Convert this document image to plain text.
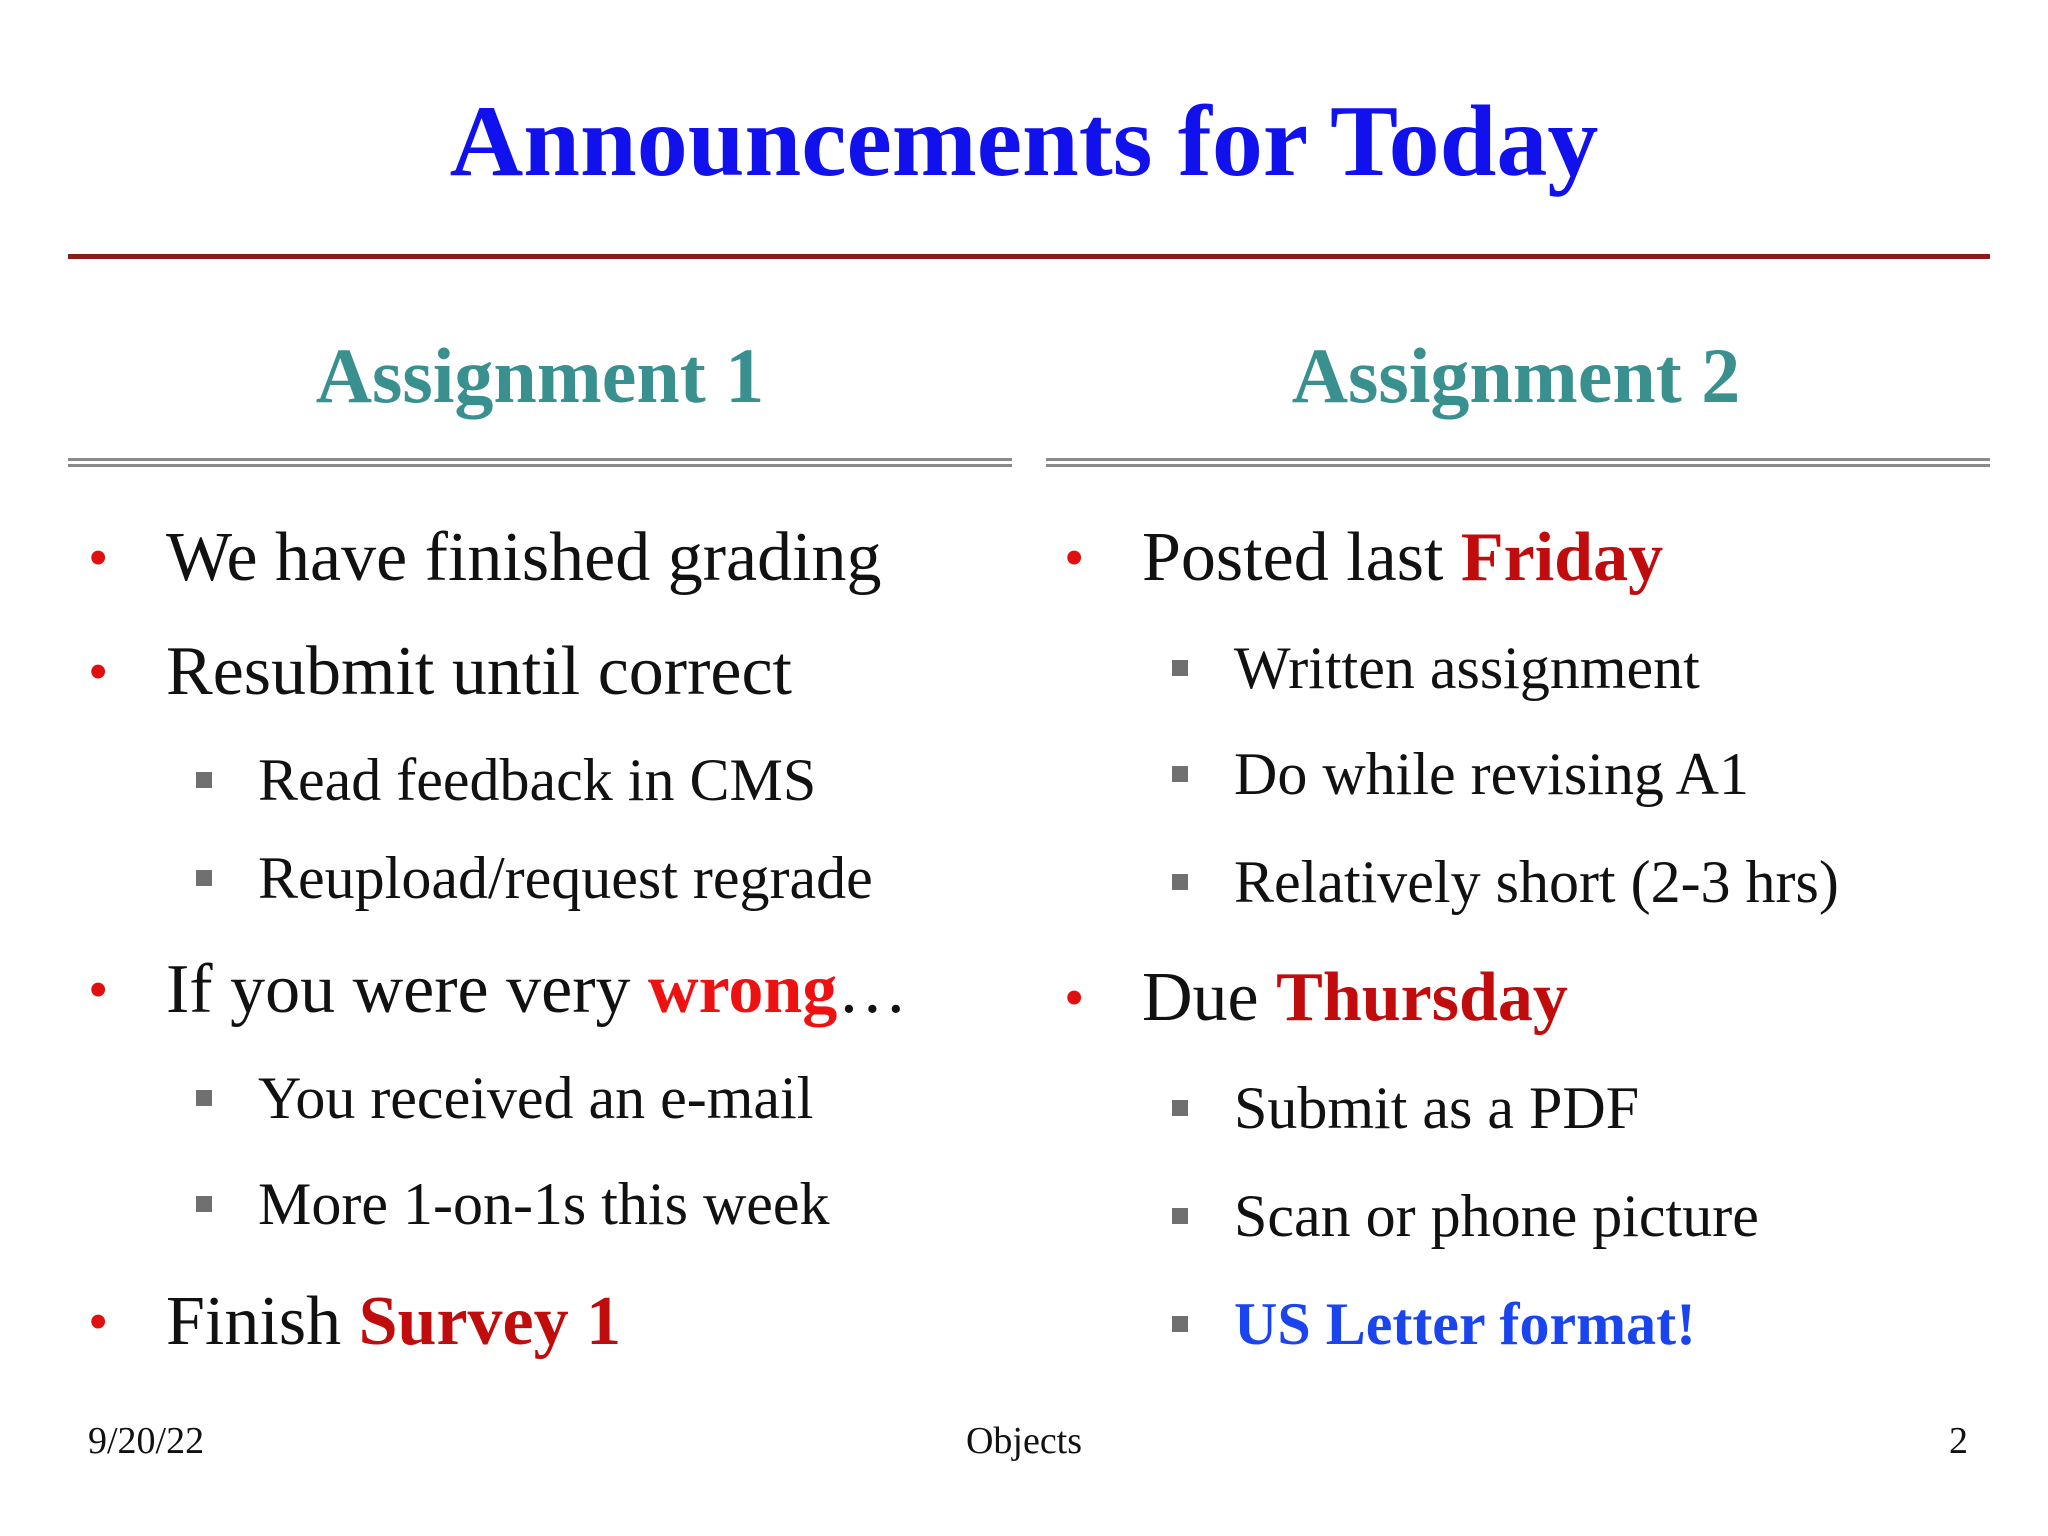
Announcements for Today
Assignment 1	Assignment 2
• We have finished grading
• Resubmit until correct
Read feedback in CMS
Reupload/request regrade
• If you were very wrong…
You received an e-mail
More 1-on-1s this week
• Finish Survey 1
• Posted last Friday
Written assignment
Do while revising A1
Relatively short (2-3 hrs)
• Due Thursday
Submit as a PDF
Scan or phone picture
US Letter format!
9/20/22	Objects	2
